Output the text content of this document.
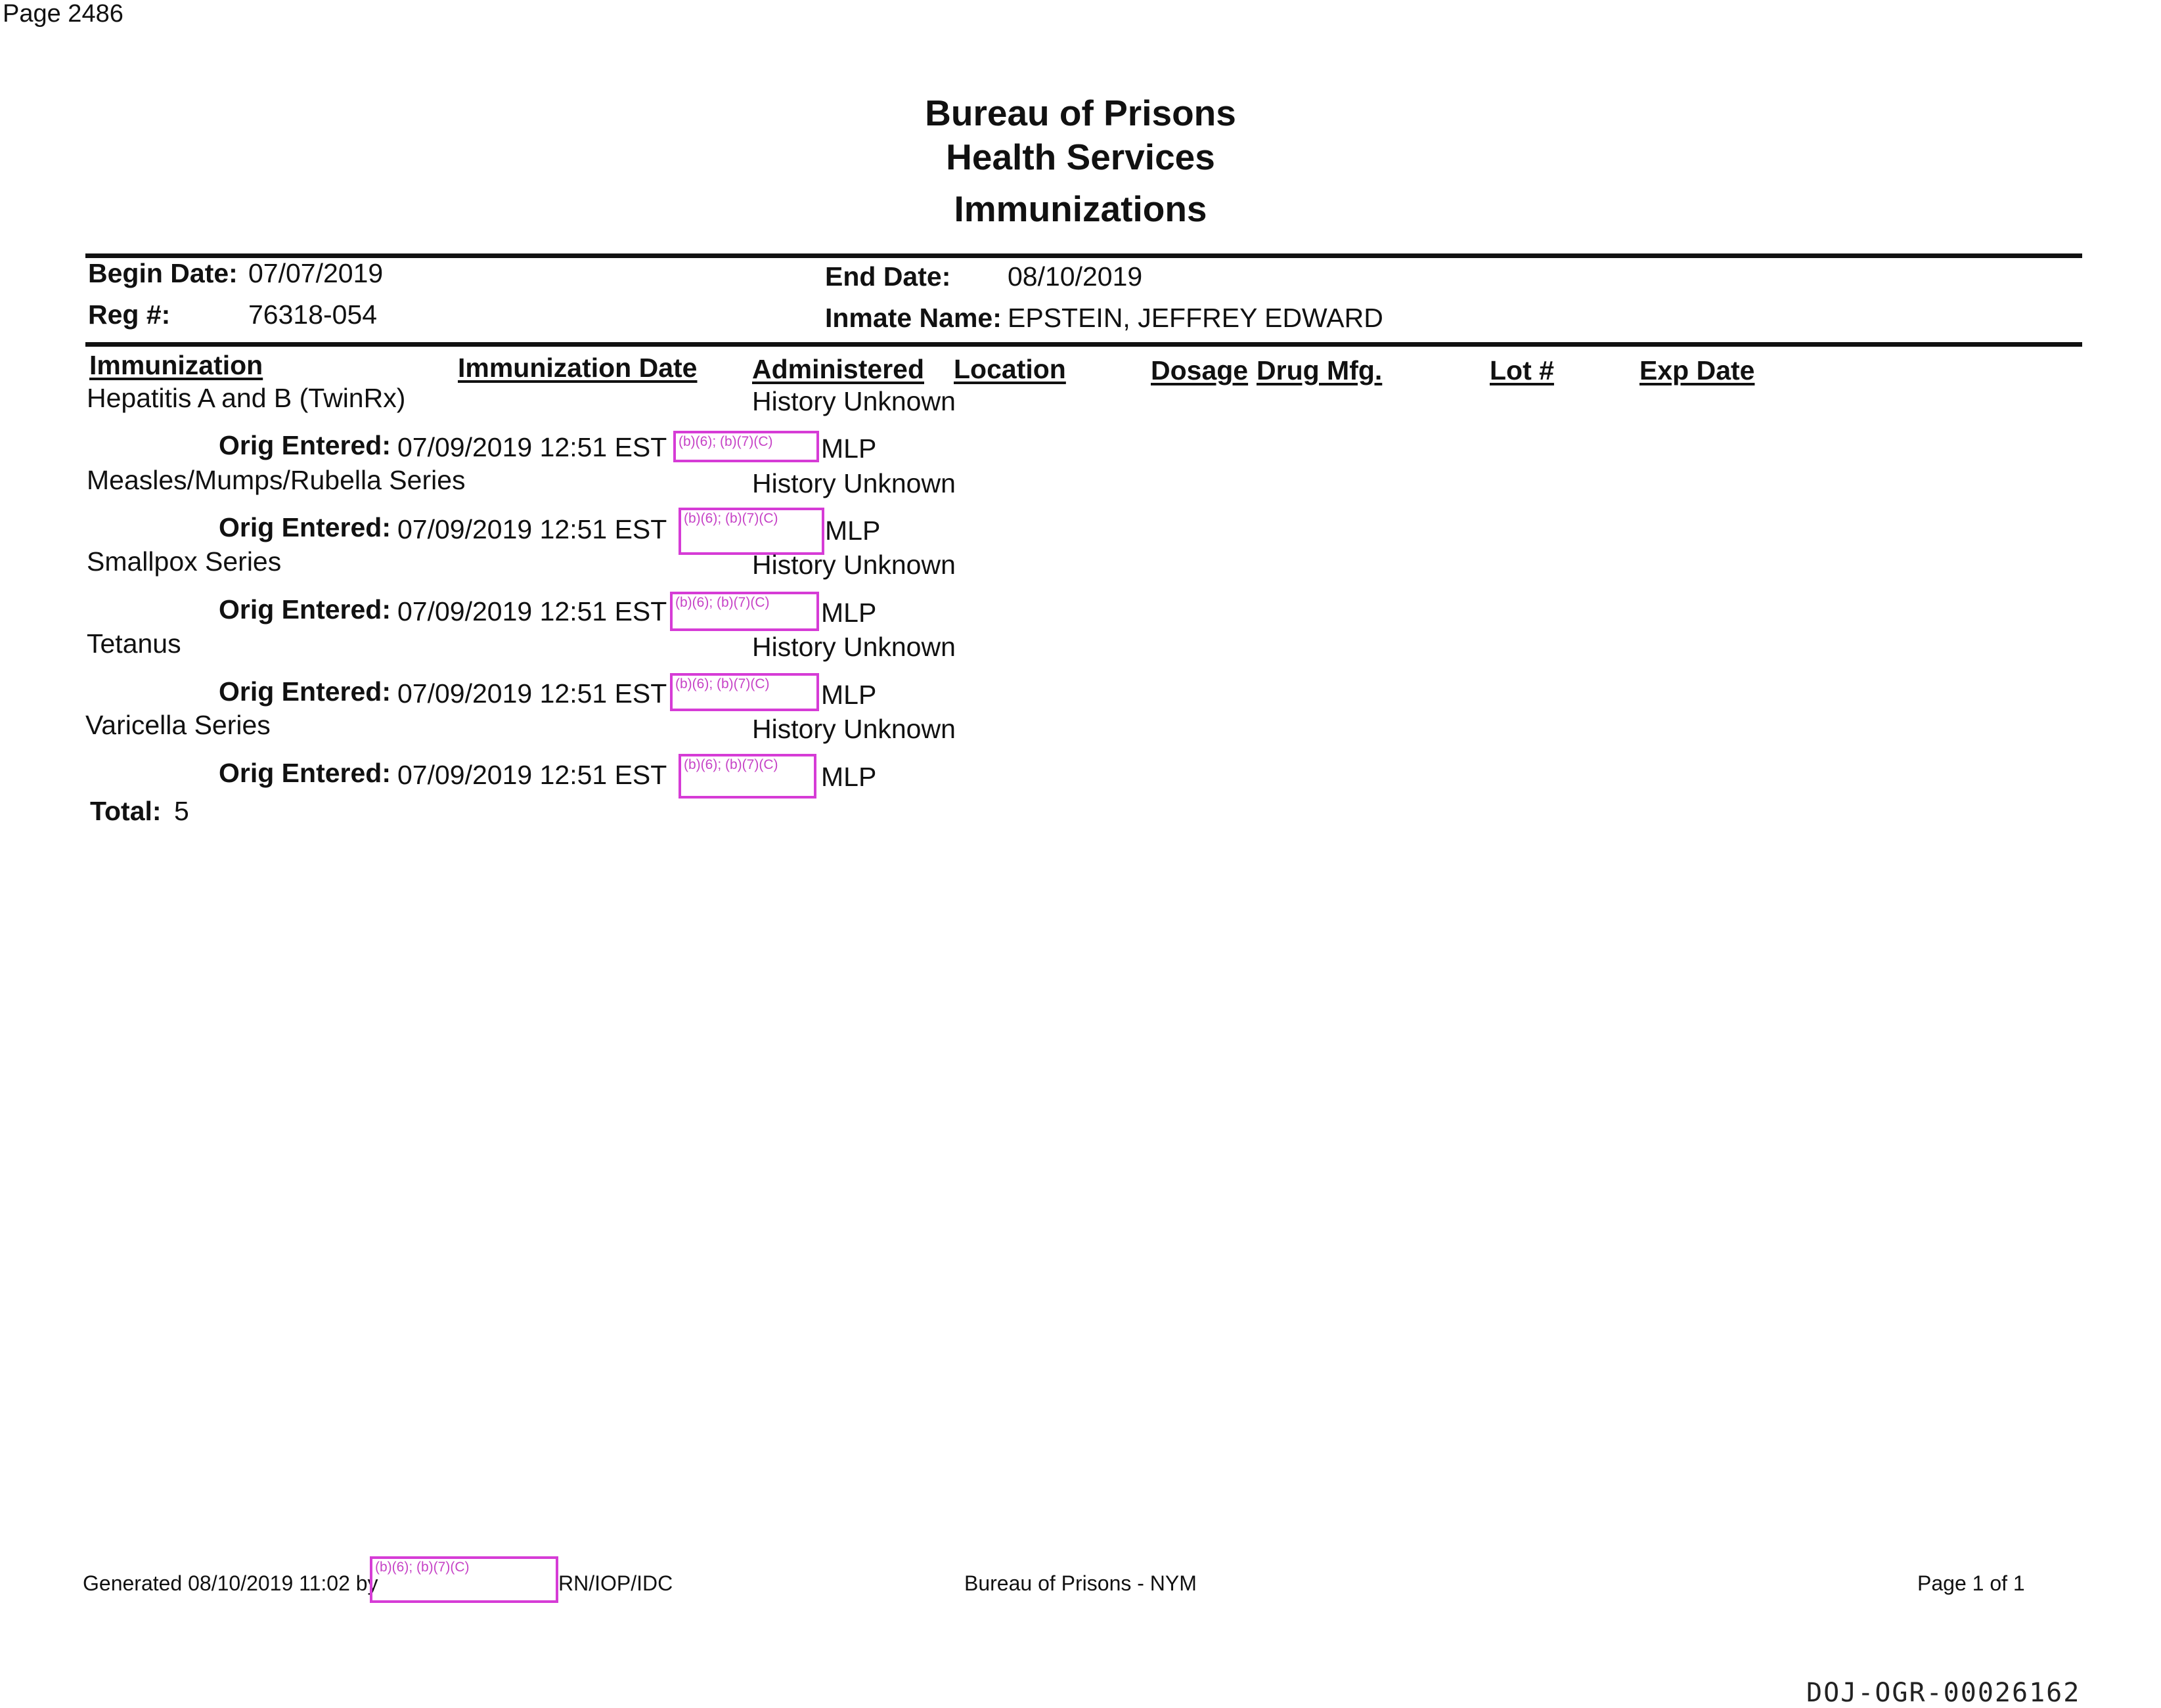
Page 2486
Bureau of Prisons
Health Services
Immunizations
Begin Date: 07/07/2019	End Date: 08/10/2019
Reg #:	76318-054	Inmate Name: EPSTEIN, JEFFREY EDWARD
Immunization	Immunization Date Administered Location	Dosage Drug Mfg.	Lot #	Exp Date
Hepatitis A and B (TwinRx)	History Unknown
Orig Entered: 07/09/2019 12:51 EST (b)(6); (b)(7)(C)	MLP
Measles/Mumps/Rubella Series	History Unknown
Orig Entered: 07/09/2019 12:51 EST	(b)(6); (b)(7)(C)	MLP
Smallpox Series	History Unknown
Orig Entered: 07/09/2019 12:51 EST (b)(6); (b)(7)(C)	MLP
Tetanus	History Unknown
Orig Entered: 07/09/2019 12:51 EST (b)(6); (b)(7)(C)	MLP
Varicella Series	History Unknown
Orig Entered: 07/09/2019 12:51 EST	(b)(6); (b)(7)(C)	MLP
Total: 5
Generated 08/10/2019 11:02 by
(b)(6); (b)(7)(C)
RN/IOP/IDC	Bureau of Prisons - NYM	Page 1 of 1
DOJ-OGR-00026162
